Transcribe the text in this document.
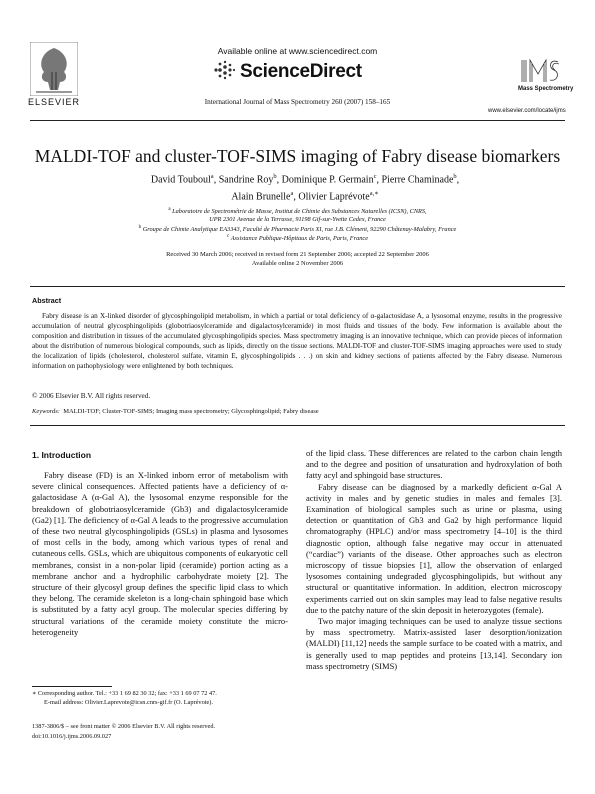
ELSEVIER
Available online at www.sciencedirect.com
ScienceDirect
International Journal of Mass Spectrometry 260 (2007) 158–165
Mass Spectrometry
www.elsevier.com/locate/ijms
MALDI-TOF and cluster-TOF-SIMS imaging of Fabry disease biomarkers
David Touboul$^a$, Sandrine Roy$^b$, Dominique P. Germain$^c$, Pierre Chaminade$^b$,
Alain Brunelle$^a$, Olivier Laprévote$^{a,∗}$
$^a$ Laboratoire de Spectrométrie de Masse, Institut de Chimie des Substances Naturelles (ICSN), CNRS,
UPR 2301 Avenue de la Terrasse, 91198 Gif-sur-Yvette Cedex, France
$^b$ Groupe de Chimie Analytique EA3343, Faculté de Pharmacie Paris XI, rue J.B. Clément, 92290 Châtenay-Malabry, France
$^c$ Assistance Publique-Hôpitaux de Paris, Paris, France
Received 30 March 2006; received in revised form 21 September 2006; accepted 22 September 2006
Available online 2 November 2006
Abstract

Fabry disease is an X-linked disorder of glycosphingolipid metabolism, in which a partial or total deficiency of α-galactosidase A, a lysosomal enzyme, results in the progressive accumulation of neutral glycosphingolipids (globotriaosylceramide and digalactosylceramide) in most fluids and tissues of the body. Few information is available about the composition and distribution in tissues of the accumulated glycosphingolipids species. Mass spectrometry imaging is an innovative technique, which can provide pieces of information about the distribution of numerous biological compounds, such as lipids, directly on the tissue sections. MALDI-TOF and cluster-TOF-SIMS imaging approaches were used to study the localization of lipids (cholesterol, cholesterol sulfate, vitamin E, glycosphingolipids . . .) on skin and kidney sections of patients affected by the Fabry disease. Numerous information on pathophysiology were enlightened by both techniques.

© 2006 Elsevier B.V. All rights reserved.
Keywords: MALDI-TOF; Cluster-TOF-SIMS; Imaging mass spectrometry; Glycosphingolipid; Fabry disease
1. Introduction

Fabry disease (FD) is an X-linked inborn error of metabolism with severe clinical consequences. Affected patients have a deficiency of α-galactosidase A (α-Gal A), the lysosomal enzyme responsible for the breakdown of globotriaosylceramide (Gb3) and digalactosylceramide (Ga2) [1]. The deficiency of α-Gal A leads to the progressive accumulation of these two neutral glycosphingolipids (GSLs) in plasma and lysosomes of most cells in the body, among which various types of renal and cutaneous cells. GSLs, which are ubiquitous components of eukaryotic cell membranes, consist in a non-polar lipid (ceramide) portion acting as a membrane anchor and a hydrophilic carbohydrate moiety [2]. The structure of their glycosyl group defines the specific lipid class to which they belong. The ceramide skeleton is a long-chain sphingoid base which is substituted by a fatty acyl group. The molecular species differing by structural variations of the ceramide moiety constitute the micro-heterogeneity

of the lipid class. These differences are related to the carbon chain length and to the degree and position of unsaturation and hydroxylation of both fatty acyl and sphingoid base structures.

Fabry disease can be diagnosed by a markedly deficient α-Gal A activity in males and by genetic studies in males and females [3]. Examination of biological samples such as urine or plasma, using detection or quantitation of Gb3 and Ga2 by high performance liquid chromatography (HPLC) and/or mass spectrometry [4–10] is the third diagnostic option, although false negative may occur in attenuated (“cardiac”) variants of the disease. Other approaches such as electron microscopy of tissue biopsies [1], allow the observation of enlarged lysosomes containing undegraded glycosphingolipids, but without any structural or quantitative information. In addition, electron microscopy experiments carried out on skin samples may lead to false negative results due to the patchy nature of the skin deposit in heterozygotes (female).

Two major imaging techniques can be used to analyze tissue sections by mass spectrometry. Matrix-assisted laser desorption/ionization (MALDI) [11,12] needs the sample surface to be coated with a matrix, and is generally used to map peptides and proteins [13,14]. Secondary ion mass spectrometry (SIMS)

∗ Corresponding author. Tel.: +33 1 69 82 30 32; fax: +33 1 69 07 72 47.
E-mail address: Olivier.Laprevote@icsn.cnrs-gif.fr (O. Laprévote).
1387-3806/$ – see front matter © 2006 Elsevier B.V. All rights reserved.
doi:10.1016/j.ijms.2006.09.027
